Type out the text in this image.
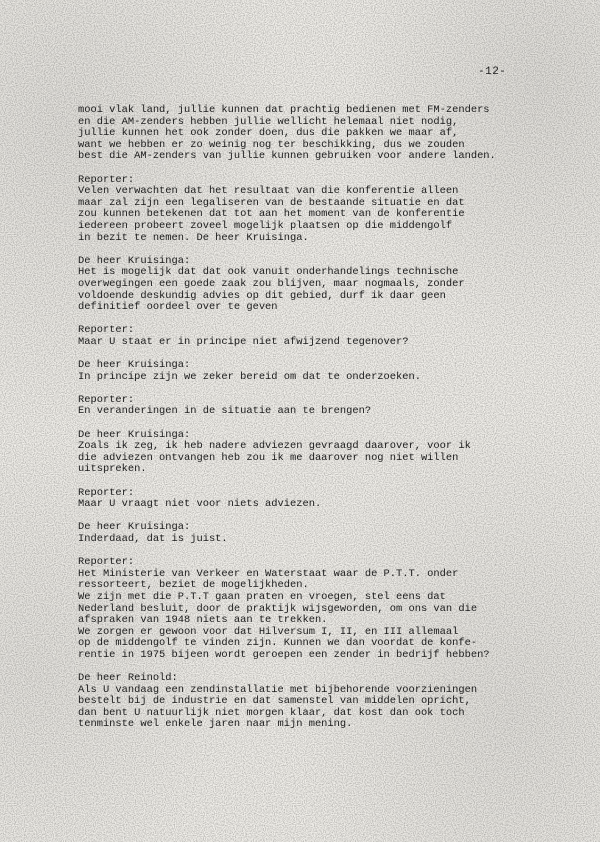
-12-
mooi vlak land, jullie kunnen dat prachtig bedienen met FM-zenders
en die AM-zenders hebben jullie wellicht helemaal niet nodig,
jullie kunnen het ook zonder doen, dus die pakken we maar af,
want we hebben er zo weinig nog ter beschikking, dus we zouden
best die AM-zenders van jullie kunnen gebruiken voor andere landen.
Reporter:
Velen verwachten dat het resultaat van die konferentie alleen
maar zal zijn een legaliseren van de bestaande situatie en dat
zou kunnen betekenen dat tot aan het moment van de konferentie
iedereen probeert zoveel mogelijk plaatsen op die middengolf
in bezit te nemen. De heer Kruisinga.
De heer Kruisinga:
Het is mogelijk dat dat ook vanuit onderhandelings technische
overwegingen een goede zaak zou blijven, maar nogmaals, zonder
voldoende deskundig advies op dit gebied, durf ik daar geen
definitief oordeel over te geven
Reporter:
Maar U staat er in principe niet afwijzend tegenover?
De heer Kruisinga:
In principe zijn we zeker bereid om dat te onderzoeken.
Reporter:
En veranderingen in de situatie aan te brengen?
De heer Kruisinga:
Zoals ik zeg, ik heb nadere adviezen gevraagd daarover, voor ik
die adviezen ontvangen heb zou ik me daarover nog niet willen
uitspreken.
Reporter:
Maar U vraagt niet voor niets adviezen.
De heer Kruisinga:
Inderdaad, dat is juist.
Reporter:
Het Ministerie van Verkeer en Waterstaat waar de P.T.T. onder
ressorteert, beziet de mogelijkheden.
We zijn met die P.T.T gaan praten en vroegen, stel eens dat
Nederland besluit, door de praktijk wijsgeworden, om ons van die
afspraken van 1948 niets aan te trekken.
We zorgen er gewoon voor dat Hilversum I, II, en III allemaal
op de middengolf te vinden zijn. Kunnen we dan voordat de konfe-
rentie in 1975 bijeen wordt geroepen een zender in bedrijf hebben?
De heer Reinold:
Als U vandaag een zendinstallatie met bijbehorende voorzieningen
bestelt bij de industrie en dat samenstel van middelen opricht,
dan bent U natuurlijk niet morgen klaar, dat kost dan ook toch
tenminste wel enkele jaren naar mijn mening.
